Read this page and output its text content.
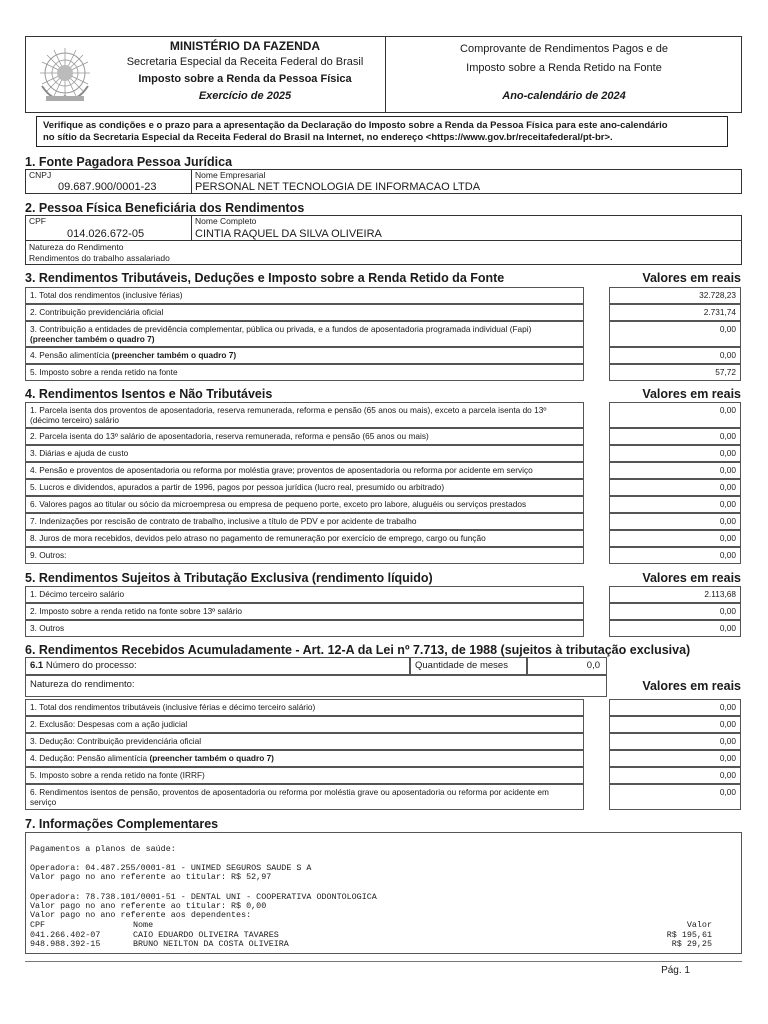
MINISTÉRIO DA FAZENDA
Secretaria Especial da Receita Federal do Brasil
Imposto sobre a Renda da Pessoa Física
Exercício de 2025
Comprovante de Rendimentos Pagos e de
Imposto sobre a Renda Retido na Fonte
Ano-calendário de 2024
Verifique as condições e o prazo para a apresentação da Declaração do Imposto sobre a Renda da Pessoa Física para este ano-calendário
no sítio da Secretaria Especial da Receita Federal do Brasil na Internet, no endereço <https://www.gov.br/receitafederal/pt-br>.
1. Fonte Pagadora Pessoa Jurídica
CNPJ
09.687.900/0001-23
Nome Empresarial
PERSONAL NET TECNOLOGIA DE INFORMACAO LTDA
2. Pessoa Física Beneficiária dos Rendimentos
CPF
014.026.672-05
Nome Completo
CINTIA RAQUEL DA SILVA OLIVEIRA
Natureza do Rendimento
Rendimentos do trabalho assalariado
3. Rendimentos Tributáveis, Deduções e Imposto sobre a Renda Retido da Fonte	Valores em reais
1. Total dos rendimentos (inclusive férias)	32.728,23
2. Contribuição previdenciária oficial	2.731,74
3. Contribuição a entidades de previdência complementar, pública ou privada, e a fundos de aposentadoria programada individual (Fapi)
(preencher também o quadro 7)
0,00
4. Pensão alimentícia (preencher também o quadro 7)	0,00
5. Imposto sobre a renda retido na fonte	57,72
4. Rendimentos Isentos e Não Tributáveis	Valores em reais
1. Parcela isenta dos proventos de aposentadoria, reserva remunerada, reforma e pensão (65 anos ou mais), exceto a parcela isenta do 13º
(décimo terceiro) salário
0,00
2. Parcela isenta do 13º salário de aposentadoria, reserva remunerada, reforma e pensão (65 anos ou mais)	0,00
3. Diárias e ajuda de custo	0,00
4. Pensão e proventos de aposentadoria ou reforma por moléstia grave; proventos de aposentadoria ou reforma por acidente em serviço	0,00
5. Lucros e dividendos, apurados a partir de 1996, pagos por pessoa jurídica (lucro real, presumido ou arbitrado)	0,00
6. Valores pagos ao titular ou sócio da microempresa ou empresa de pequeno porte, exceto pro labore, aluguéis ou serviços prestados	0,00
7. Indenizações por rescisão de contrato de trabalho, inclusive a título de PDV e por acidente de trabalho	0,00
8. Juros de mora recebidos, devidos pelo atraso no pagamento de remuneração por exercício de emprego, cargo ou função	0,00
9. Outros:	0,00
5. Rendimentos Sujeitos à Tributação Exclusiva (rendimento líquido)	Valores em reais
1. Décimo terceiro salário	2.113,68
2. Imposto sobre a renda retido na fonte sobre 13º salário	0,00
3. Outros	0,00
6. Rendimentos Recebidos Acumuladamente - Art. 12-A da Lei nº 7.713, de 1988 (sujeitos à tributação exclusiva)
6.1 Número do processo:	Quantidade de meses	0,0
Natureza do rendimento:	Valores em reais
1. Total dos rendimentos tributáveis (inclusive férias e décimo terceiro salário)	0,00
2. Exclusão: Despesas com a ação judicial	0,00
3. Dedução: Contribuição previdenciária oficial	0,00
4. Dedução: Pensão alimentícia (preencher também o quadro 7)	0,00
5. Imposto sobre a renda retido na fonte (IRRF)	0,00
6. Rendimentos isentos de pensão, proventos de aposentadoria ou reforma por moléstia grave ou aposentadoria ou reforma por acidente em
serviço
0,00
7. Informações Complementares
Pagamentos a planos de saúde:
Operadora: 04.487.255/0001-81 - UNIMED SEGUROS SAUDE S A
Valor pago no ano referente ao titular: R$ 52,97
Operadora: 78.738.101/0001-51 - DENTAL UNI - COOPERATIVA ODONTOLOGICA
Valor pago no ano referente ao titular: R$ 0,00
Valor pago no ano referente aos dependentes:
CPF	Nome	Valor
041.266.402-07	CAIO EDUARDO OLIVEIRA TAVARES	R$ 195,61
948.988.392-15	BRUNO NEILTON DA COSTA OLIVEIRA	R$ 29,25
Pág. 1
